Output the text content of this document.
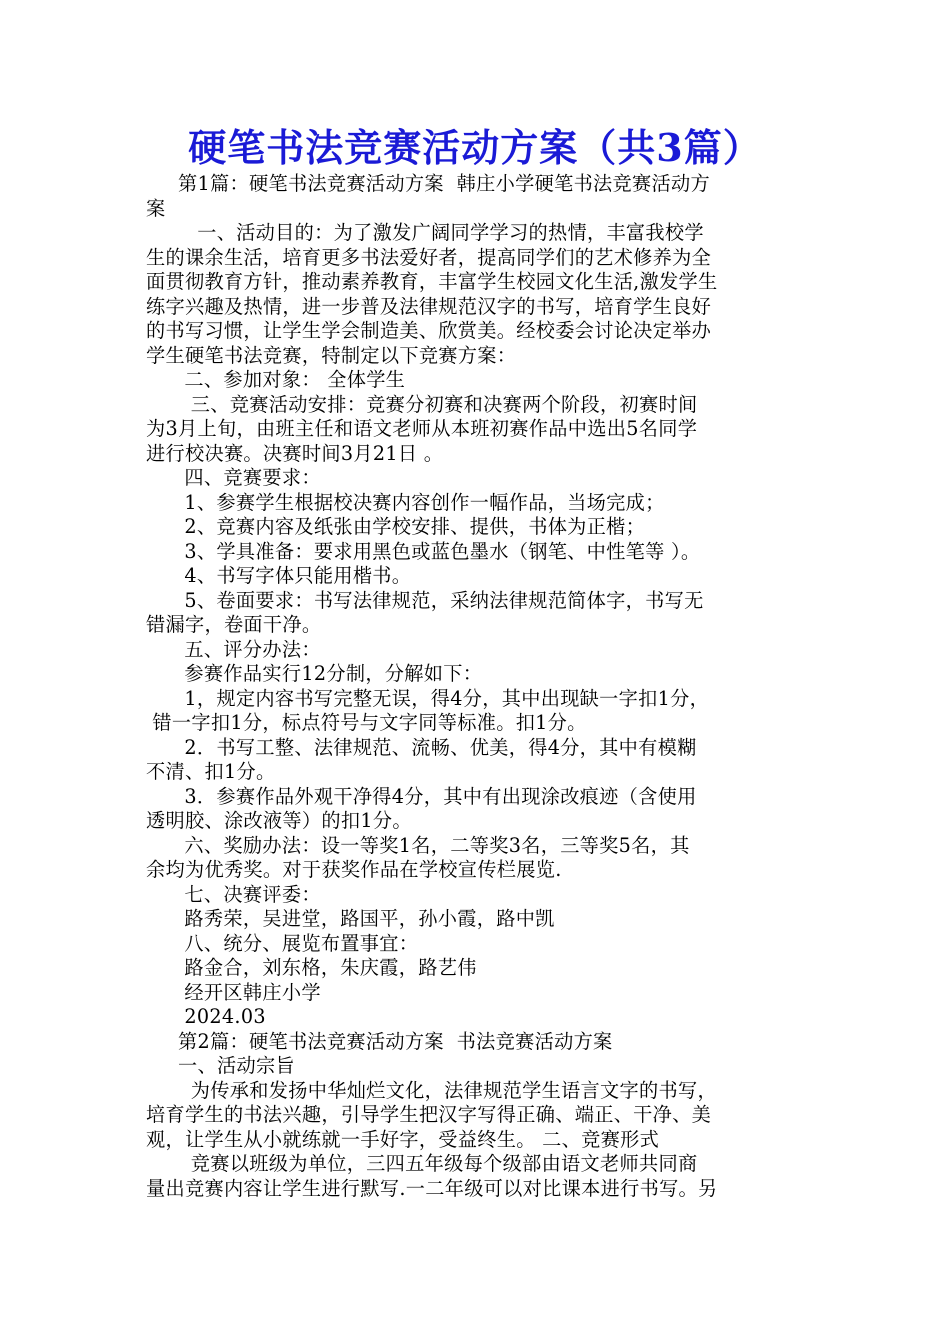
硬笔书法竞赛活动方案（共3篇）

第1篇：硬笔书法竞赛活动方案  韩庄小学硬笔书法竞赛活动方

案

一、活动目的：为了激发广阔同学学习的热情，丰富我校学

生的课余生活，培育更多书法爱好者，提高同学们的艺术修养为全

面贯彻教育方针，推动素养教育，丰富学生校园文化生活,激发学生

练字兴趣及热情，进一步普及法律规范汉字的书写，培育学生良好

的书写习惯，让学生学会制造美、欣赏美。经校委会讨论决定举办

学生硬笔书法竞赛，特制定以下竞赛方案：

二、参加对象： 全体学生

三、竞赛活动安排：竞赛分初赛和决赛两个阶段，初赛时间

为3月上旬，由班主任和语文老师从本班初赛作品中选出5名同学

进行校决赛。决赛时间3月21日 。

四、竞赛要求：

1、参赛学生根据校决赛内容创作一幅作品，当场完成；

2、竞赛内容及纸张由学校安排、提供，书体为正楷；

3、学具准备：要求用黑色或蓝色墨水（钢笔、中性笔等 ）。

4、书写字体只能用楷书。

5、卷面要求：书写法律规范，采纳法律规范简体字，书写无

错漏字，卷面干净。

五、评分办法：

参赛作品实行12分制，分解如下：

1，规定内容书写完整无误，得4分，其中出现缺一字扣1分，

错一字扣1分，标点符号与文字同等标准。扣1分。

2．书写工整、法律规范、流畅、优美，得4分，其中有模糊

不清、扣1分。

3．参赛作品外观干净得4分，其中有出现涂改痕迹（含使用

透明胶、涂改液等）的扣1分。

六、奖励办法：设一等奖1名，二等奖3名，三等奖5名，其

余均为优秀奖。对于获奖作品在学校宣传栏展览.

七、决赛评委：

路秀荣，吴进堂，路国平，孙小霞，路中凯

八、统分、展览布置事宜：

路金合，刘东格，朱庆霞，路艺伟

经开区韩庄小学

2024.03

第2篇：硬笔书法竞赛活动方案  书法竞赛活动方案

一、活动宗旨

为传承和发扬中华灿烂文化，法律规范学生语言文字的书写，

培育学生的书法兴趣，引导学生把汉字写得正确、端正、干净、美

观，让学生从小就练就一手好字，受益终生。 二、竞赛形式

竞赛以班级为单位，三四五年级每个级部由语文老师共同商

量出竞赛内容让学生进行默写.一二年级可以对比课本进行书写。另
